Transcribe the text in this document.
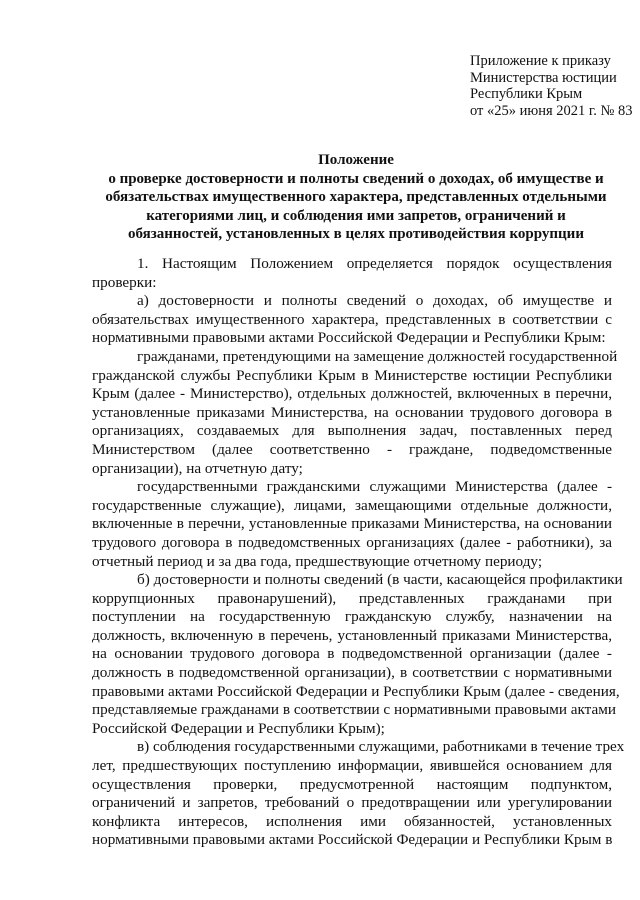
Приложение к приказу
Министерства юстиции
Республики Крым
от «25» июня 2021 г. № 83
Положение
о проверке достоверности и полноты сведений о доходах, об имуществе и
обязательствах имущественного характера, представленных отдельными
категориями лиц, и соблюдения ими запретов, ограничений и
обязанностей, установленных в целях противодействия коррупции
1. Настоящим Положением определяется порядок осуществления
проверки:
а) достоверности и полноты сведений о доходах, об имуществе и
обязательствах имущественного характера, представленных в соответствии с
нормативными правовыми актами Российской Федерации и Республики Крым:
гражданами, претендующими на замещение должностей государственной
гражданской службы Республики Крым в Министерстве юстиции Республики
Крым (далее - Министерство), отдельных должностей, включенных в перечни,
установленные приказами Министерства, на основании трудового договора в
организациях, создаваемых для выполнения задач, поставленных перед
Министерством (далее соответственно - граждане, подведомственные
организации), на отчетную дату;
государственными гражданскими служащими Министерства (далее -
государственные служащие), лицами, замещающими отдельные должности,
включенные в перечни, установленные приказами Министерства, на основании
трудового договора в подведомственных организациях (далее - работники), за
отчетный период и за два года, предшествующие отчетному периоду;
б) достоверности и полноты сведений (в части, касающейся профилактики
коррупционных правонарушений), представленных гражданами при
поступлении на государственную гражданскую службу, назначении на
должность, включенную в перечень, установленный приказами Министерства,
на основании трудового договора в подведомственной организации (далее -
должность в подведомственной организации), в соответствии с нормативными
правовыми актами Российской Федерации и Республики Крым (далее - сведения,
представляемые гражданами в соответствии с нормативными правовыми актами
Российской Федерации и Республики Крым);
в) соблюдения государственными служащими, работниками в течение трех
лет, предшествующих поступлению информации, явившейся основанием для
осуществления проверки, предусмотренной настоящим подпунктом,
ограничений и запретов, требований о предотвращении или урегулировании
конфликта интересов, исполнения ими обязанностей, установленных
нормативными правовыми актами Российской Федерации и Республики Крым в
